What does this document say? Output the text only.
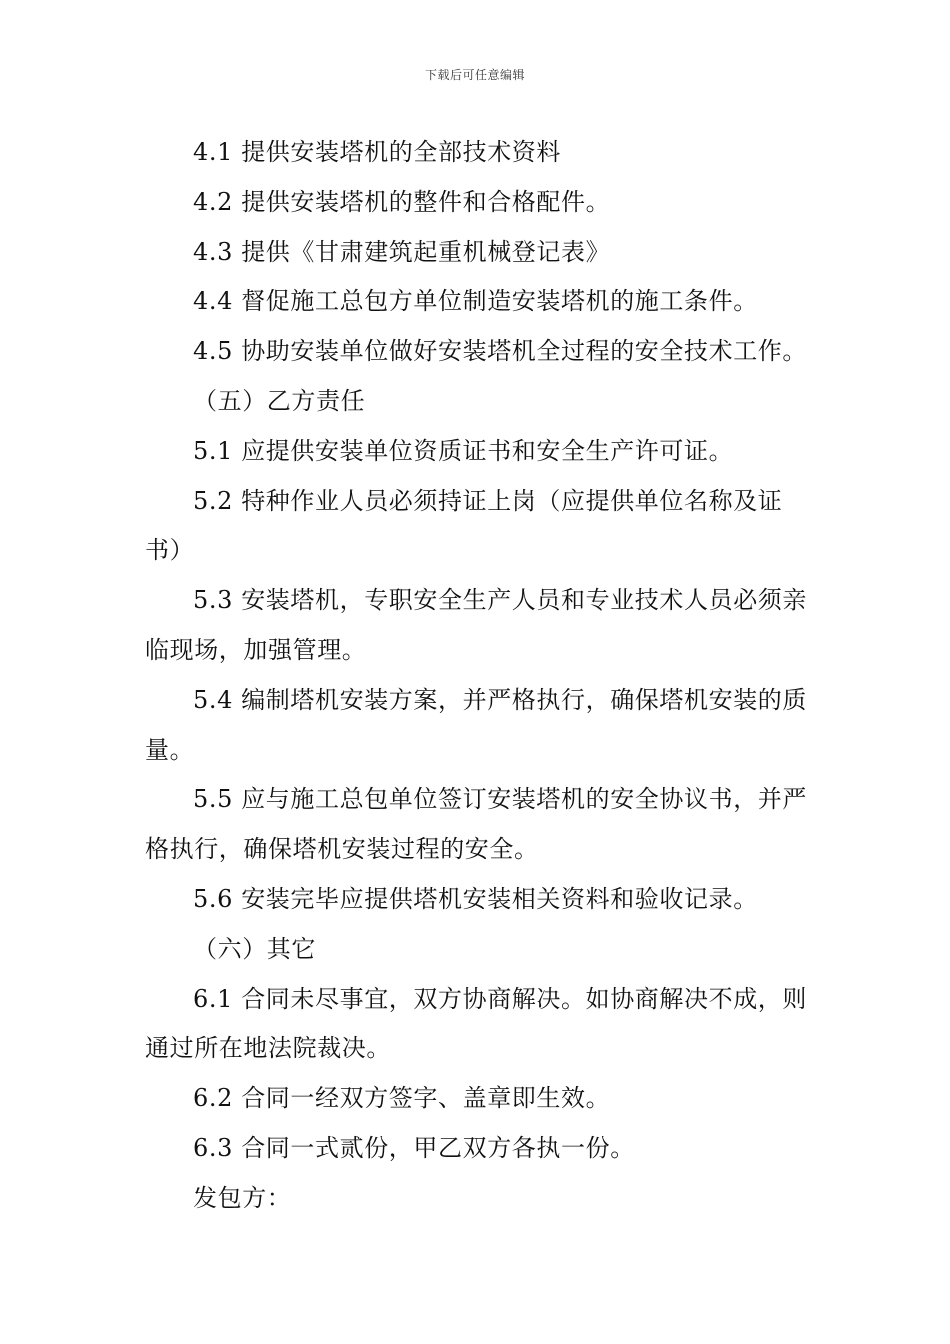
下载后可任意编辑

4.1 提供安装塔机的全部技术资料

4.2 提供安装塔机的整件和合格配件。

4.3 提供《甘肃建筑起重机械登记表》

4.4 督促施工总包方单位制造安装塔机的施工条件。

4.5 协助安装单位做好安装塔机全过程的安全技术工作。

（五）乙方责任

5.1 应提供安装单位资质证书和安全生产许可证。

5.2 特种作业人员必须持证上岗（应提供单位名称及证书）

5.3 安装塔机，专职安全生产人员和专业技术人员必须亲临现场，加强管理。

5.4 编制塔机安装方案，并严格执行，确保塔机安装的质量。

5.5 应与施工总包单位签订安装塔机的安全协议书，并严格执行，确保塔机安装过程的安全。

5.6 安装完毕应提供塔机安装相关资料和验收记录。

（六）其它

6.1 合同未尽事宜，双方协商解决。如协商解决不成，则通过所在地法院裁决。

6.2 合同一经双方签字、盖章即生效。

6.3 合同一式贰份，甲乙双方各执一份。

发包方：
